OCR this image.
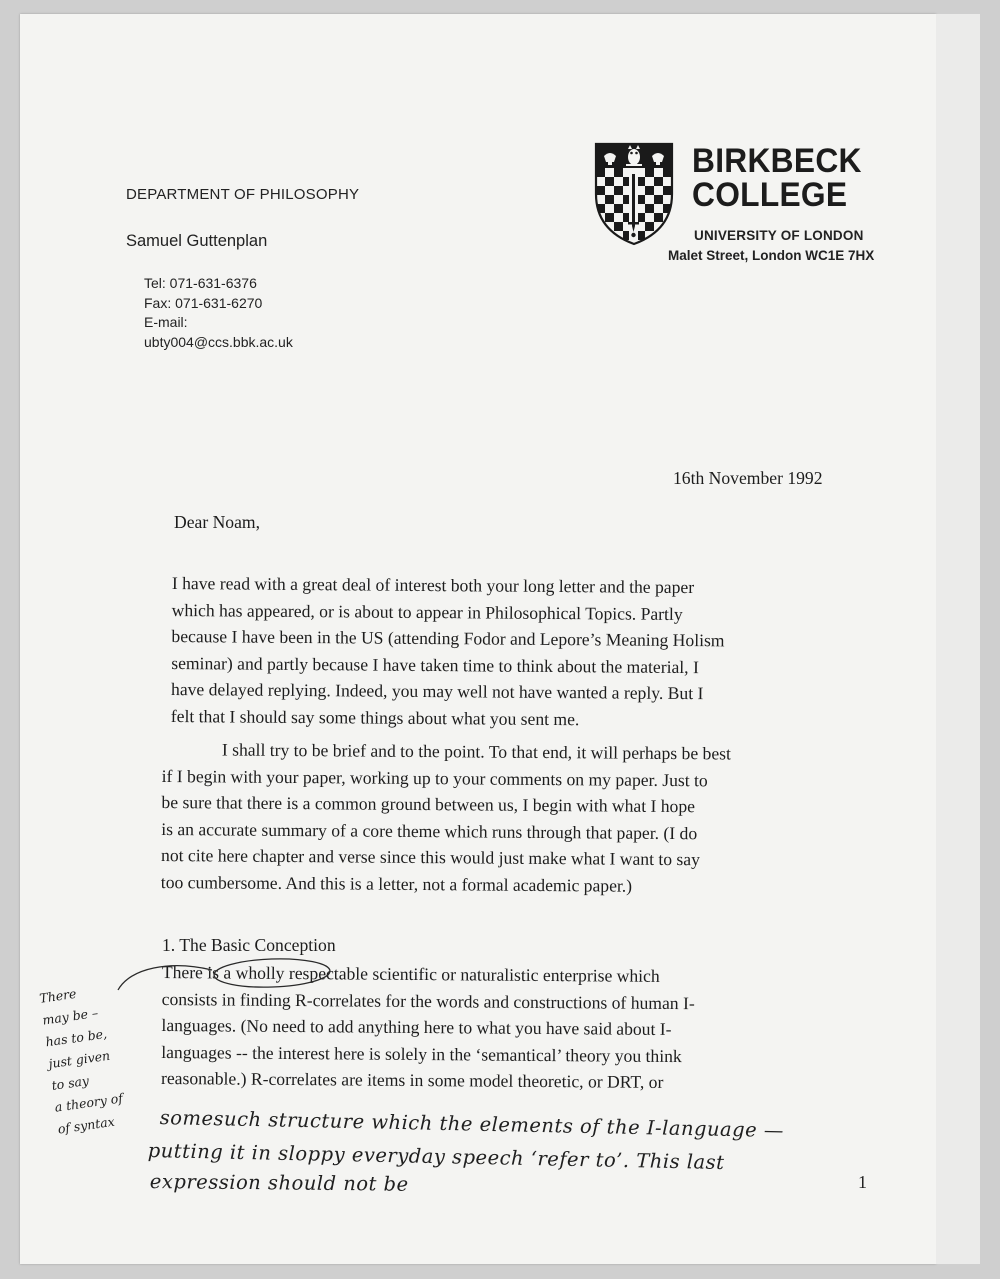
DEPARTMENT OF PHILOSOPHY
Samuel Guttenplan
Tel: 071-631-6376
Fax: 071-631-6270
E-mail:
ubty004@ccs.bbk.ac.uk
BIRKBECK
COLLEGE
UNIVERSITY OF LONDON
Malet Street, London WC1E 7HX
16th November 1992
Dear Noam,
I have read with a great deal of interest both your long letter and the paper
which has appeared, or is about to appear in Philosophical Topics. Partly
because I have been in the US (attending Fodor and Lepore’s Meaning Holism
seminar) and partly because I have taken time to think about the material, I
have delayed replying. Indeed, you may well not have wanted a reply. But I
felt that I should say some things about what you sent me.
I shall try to be brief and to the point. To that end, it will perhaps be best
if I begin with your paper, working up to your comments on my paper. Just to
be sure that there is a common ground between us, I begin with what I hope
is an accurate summary of a core theme which runs through that paper. (I do
not cite here chapter and verse since this would just make what I want to say
too cumbersome. And this is a letter, not a formal academic paper.)
1. The Basic Conception
There is a wholly respectable scientific or naturalistic enterprise which
consists in finding R-correlates for the words and constructions of human I-
languages. (No need to add anything here to what you have said about I-
languages -- the interest here is solely in the ‘semantical’ theory you think
reasonable.) R-correlates are items in some model theoretic, or DRT, or
There
may be –
has to be,
just given
to say
a theory of
of syntax	somesuch structure which the elements of the I-language —
putting it in sloppy everyday speech ‘refer to’. This last
expression should not be	1
